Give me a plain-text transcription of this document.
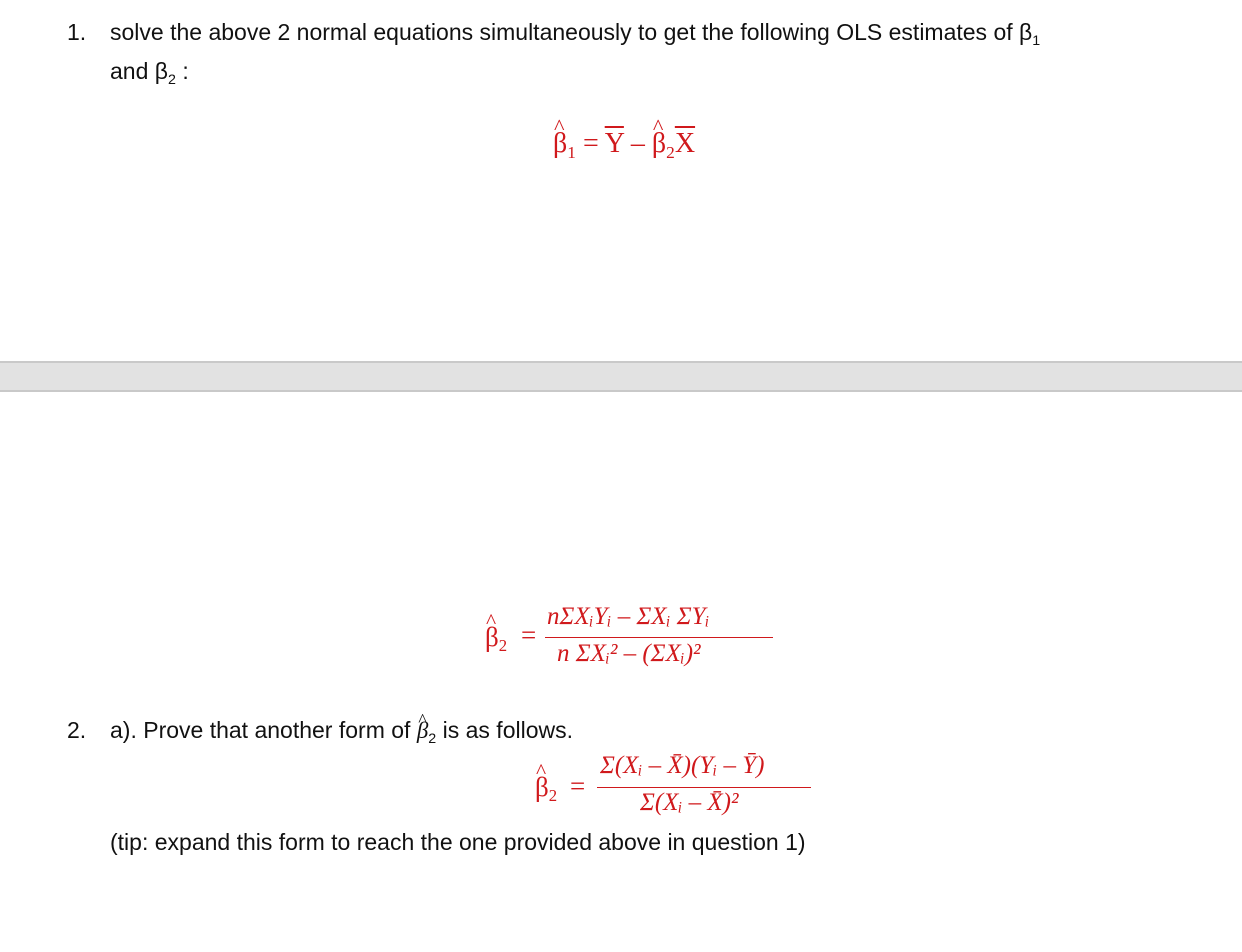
1. solve the above 2 normal equations simultaneously to get the following OLS estimates of β1
and β2 :
^ $\beta 1 = \overline{Y}$ – ^ $\beta 2\overline{X}$
^ β2 =
nΣXᵢYᵢ – ΣXᵢ ΣYᵢ
n ΣXᵢ² – (ΣXᵢ)²
2. a). Prove that another form of ^ β2 is as follows.
^ β2 =
Σ(Xᵢ – X̄)(Yᵢ – Ȳ)
Σ(Xᵢ – X̄)²
(tip: expand this form to reach the one provided above in question 1)
